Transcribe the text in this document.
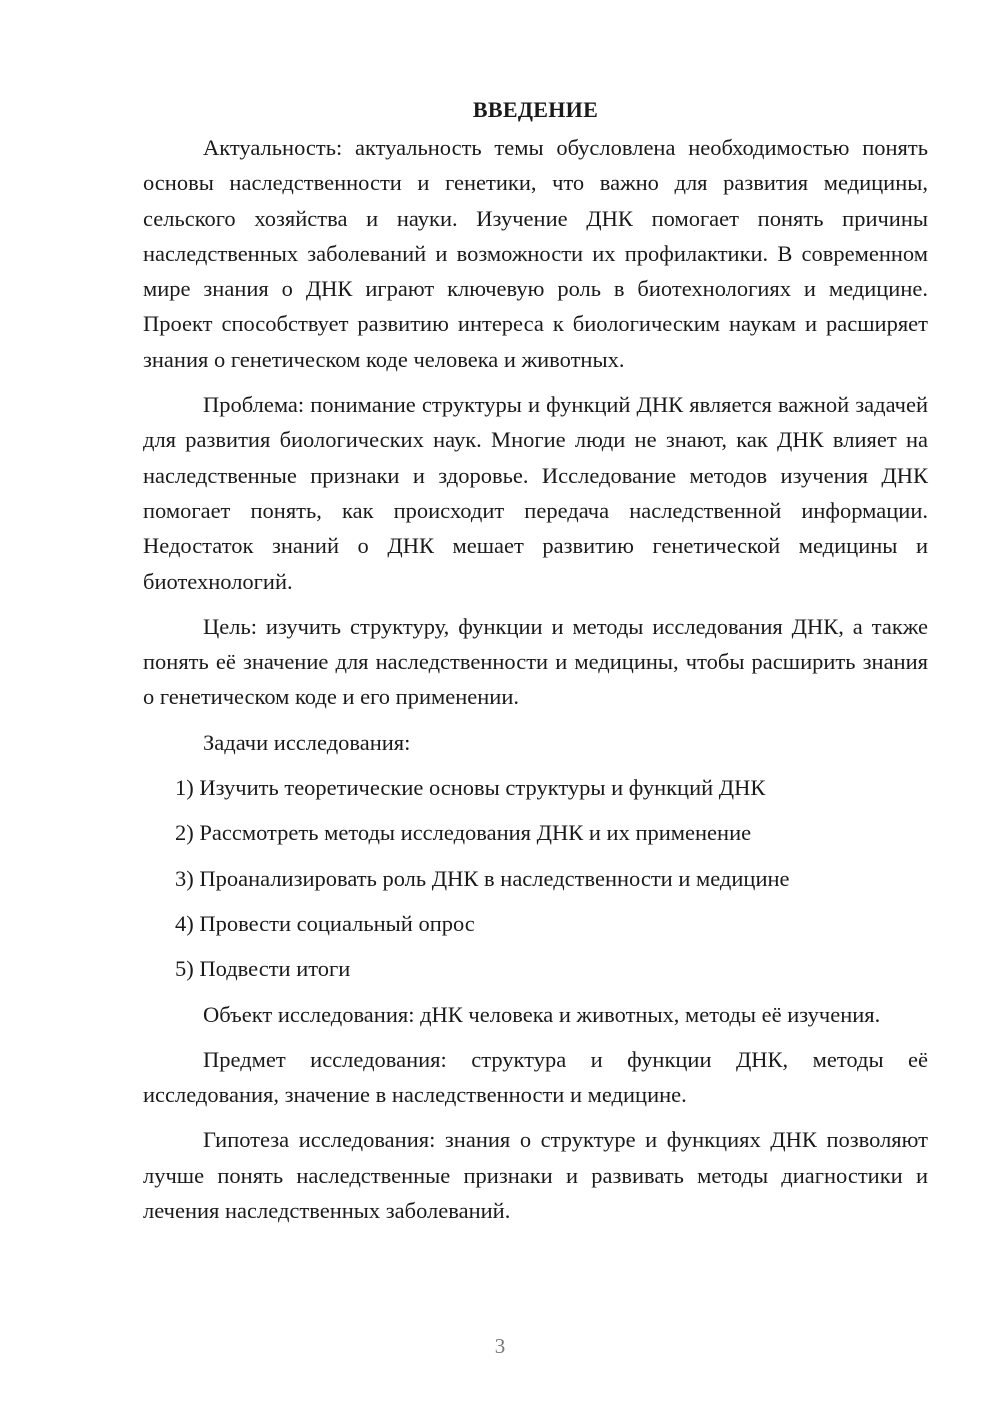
ВВЕДЕНИЕ

Актуальность: актуальность темы обусловлена необходимостью понять основы наследственности и генетики, что важно для развития медицины, сельского хозяйства и науки. Изучение ДНК помогает понять причины наследственных заболеваний и возможности их профилактики. В современном мире знания о ДНК играют ключевую роль в биотехнологиях и медицине. Проект способствует развитию интереса к биологическим наукам и расширяет знания о генетическом коде человека и животных.

Проблема: понимание структуры и функций ДНК является важной задачей для развития биологических наук. Многие люди не знают, как ДНК влияет на наследственные признаки и здоровье. Исследование методов изучения ДНК помогает понять, как происходит передача наследственной информации. Недостаток знаний о ДНК мешает развитию генетической медицины и биотехнологий.

Цель: изучить структуру, функции и методы исследования ДНК, а также понять её значение для наследственности и медицины, чтобы расширить знания о генетическом коде и его применении.

Задачи исследования:

1) Изучить теоретические основы структуры и функций ДНК
2) Рассмотреть методы исследования ДНК и их применение
3) Проанализировать роль ДНК в наследственности и медицине
4) Провести социальный опрос
5) Подвести итоги

Объект исследования: дНК человека и животных, методы её изучения.

Предмет исследования: структура и функции ДНК, методы её исследования, значение в наследственности и медицине.

Гипотеза исследования: знания о структуре и функциях ДНК позволяют лучше понять наследственные признаки и развивать методы диагностики и лечения наследственных заболеваний.

3
